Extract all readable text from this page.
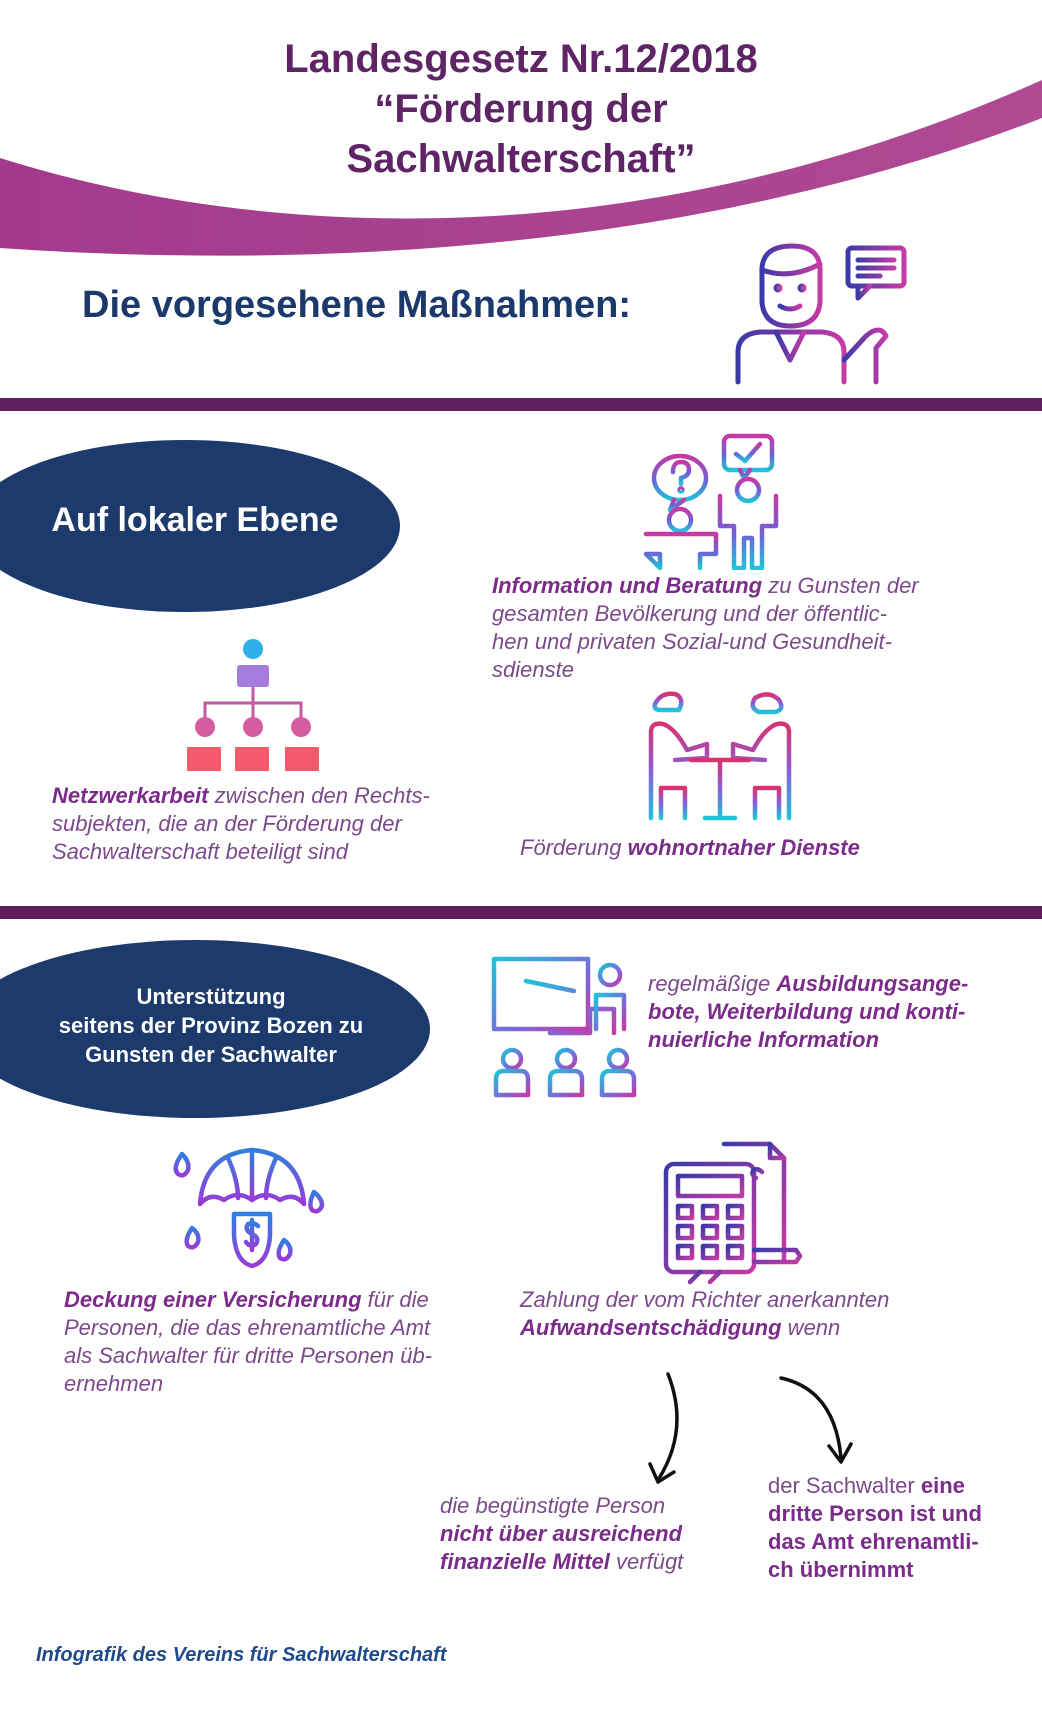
Landesgesetz Nr.12/2018
“Förderung der
Sachwalterschaft”
Die vorgesehene Maßnahmen:
Auf lokaler Ebene
Information und Beratung zu Gunsten der
gesamten Bevölkerung und der öffentlic-
hen und privaten Sozial-und Gesundheit-
sdienste
Netzwerkarbeit zwischen den Rechts-
subjekten, die an der Förderung der
Sachwalterschaft beteiligt sind	Förderung wohnortnaher Dienste
Unterstützung
seitens der Provinz Bozen zu
Gunsten der Sachwalter
regelmäßige Ausbildungsange-
bote, Weiterbildung und konti-
nuierliche Information
Deckung einer Versicherung für die
Personen, die das ehrenamtliche Amt
als Sachwalter für dritte Personen üb-
ernehmen
Zahlung der vom Richter anerkannten
Aufwandsentschädigung wenn
die begünstigte Person
nicht über ausreichend
finanzielle Mittel verfügt
der Sachwalter eine
dritte Person ist und
das Amt ehrenamtli-
ch übernimmt
Infografik des Vereins für Sachwalterschaft
